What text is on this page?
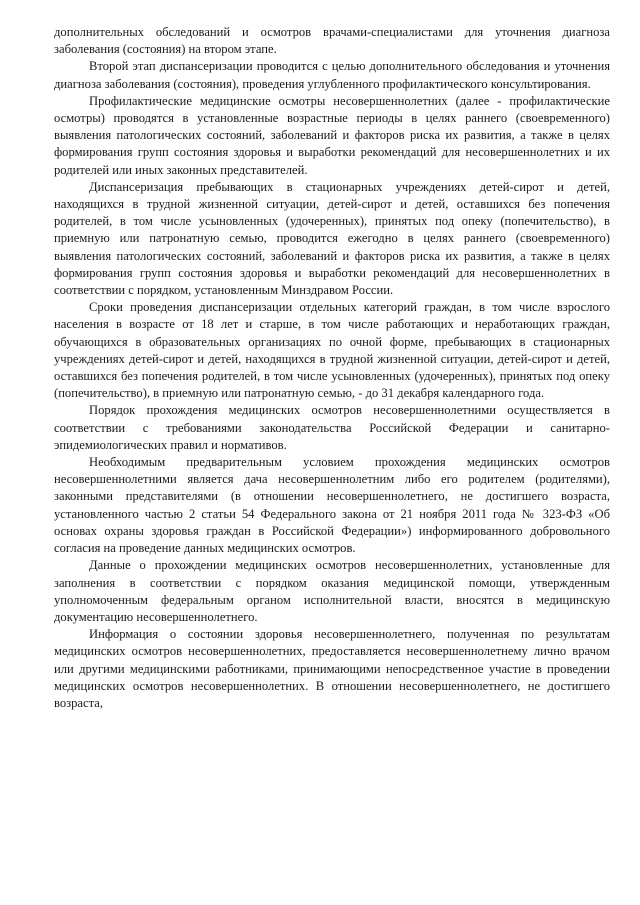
дополнительных обследований и осмотров врачами-специалистами для уточнения диагноза заболевания (состояния) на втором этапе.

Второй этап диспансеризации проводится с целью дополнительного обследования и уточнения диагноза заболевания (состояния), проведения углубленного профилактического консультирования.

Профилактические медицинские осмотры несовершеннолетних (далее - профилактические осмотры) проводятся в установленные возрастные периоды в целях раннего (своевременного) выявления патологических состояний, заболеваний и факторов риска их развития, а также в целях формирования групп состояния здоровья и выработки рекомендаций для несовершеннолетних и их родителей или иных законных представителей.

Диспансеризация пребывающих в стационарных учреждениях детей-сирот и детей, находящихся в трудной жизненной ситуации, детей-сирот и детей, оставшихся без попечения родителей, в том числе усыновленных (удочеренных), принятых под опеку (попечительство), в приемную или патронатную семью, проводится ежегодно в целях раннего (своевременного) выявления патологических состояний, заболеваний и факторов риска их развития, а также в целях формирования групп состояния здоровья и выработки рекомендаций для несовершеннолетних в соответствии с порядком, установленным Минздравом России.

Сроки проведения диспансеризации отдельных категорий граждан, в том числе взрослого населения в возрасте от 18 лет и старше, в том числе работающих и неработающих граждан, обучающихся в образовательных организациях по очной форме, пребывающих в стационарных учреждениях детей-сирот и детей, находящихся в трудной жизненной ситуации, детей-сирот и детей, оставшихся без попечения родителей, в том числе усыновленных (удочеренных), принятых под опеку (попечительство), в приемную или патронатную семью, - до 31 декабря календарного года.

Порядок прохождения медицинских осмотров несовершеннолетними осуществляется в соответствии с требованиями законодательства Российской Федерации и санитарно-эпидемиологических правил и нормативов.

Необходимым предварительным условием прохождения медицинских осмотров несовершеннолетними является дача несовершеннолетним либо его родителем (родителями), законными представителями (в отношении несовершеннолетнего, не достигшего возраста, установленного частью 2 статьи 54 Федерального закона от 21 ноября 2011 года № 323-ФЗ «Об основах охраны здоровья граждан в Российской Федерации») информированного добровольного согласия на проведение данных медицинских осмотров.

Данные о прохождении медицинских осмотров несовершеннолетних, установленные для заполнения в соответствии с порядком оказания медицинской помощи, утвержденным уполномоченным федеральным органом исполнительной власти, вносятся в медицинскую документацию несовершеннолетнего.

Информация о состоянии здоровья несовершеннолетнего, полученная по результатам медицинских осмотров несовершеннолетних, предоставляется несовершеннолетнему лично врачом или другими медицинскими работниками, принимающими непосредственное участие в проведении медицинских осмотров несовершеннолетних. В отношении несовершеннолетнего, не достигшего возраста,
